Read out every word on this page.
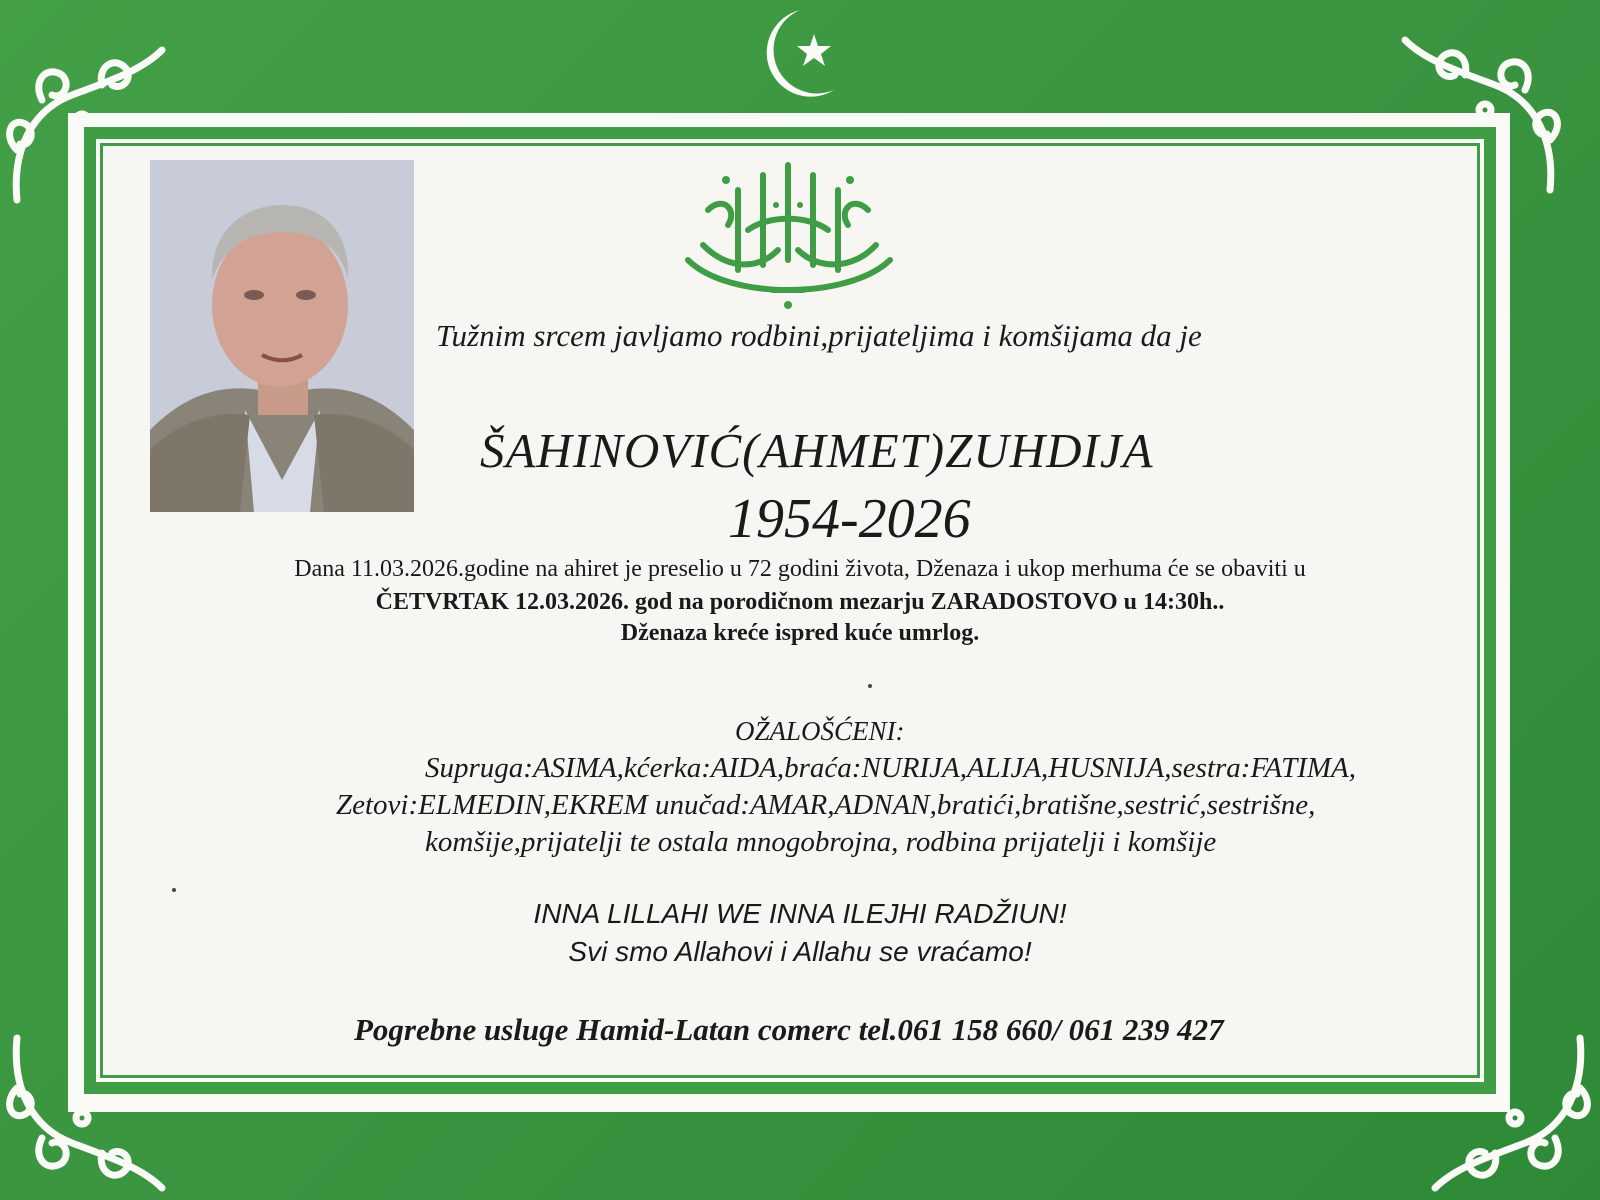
Tužnim srcem javljamo rodbini,prijateljima i komšijama da je
ŠAHINOVIĆ(AHMET)ZUHDIJA
1954-2026
Dana 11.03.2026.godine na ahiret je preselio u 72 godini života, Dženaza i ukop merhuma će se obaviti u
ČETVRTAK 12.03.2026. god na porodičnom mezarju ZARADOSTOVO u 14:30h..
Dženaza kreće ispred kuće umrlog.
OŽALOŠĆENI:
Supruga:ASIMA,kćerka:AIDA,braća:NURIJA,ALIJA,HUSNIJA,sestra:FATIMA,
Zetovi:ELMEDIN,EKREM unučad:AMAR,ADNAN,bratići,bratišne,sestrić,sestrišne,
komšije,prijatelji te ostala mnogobrojna, rodbina prijatelji i komšije
INNA LILLAHI WE INNA ILEJHI RADŽIUN!
Svi smo Allahovi i Allahu se vraćamo!
Pogrebne usluge Hamid-Latan comerc tel.061 158 660/ 061 239 427
